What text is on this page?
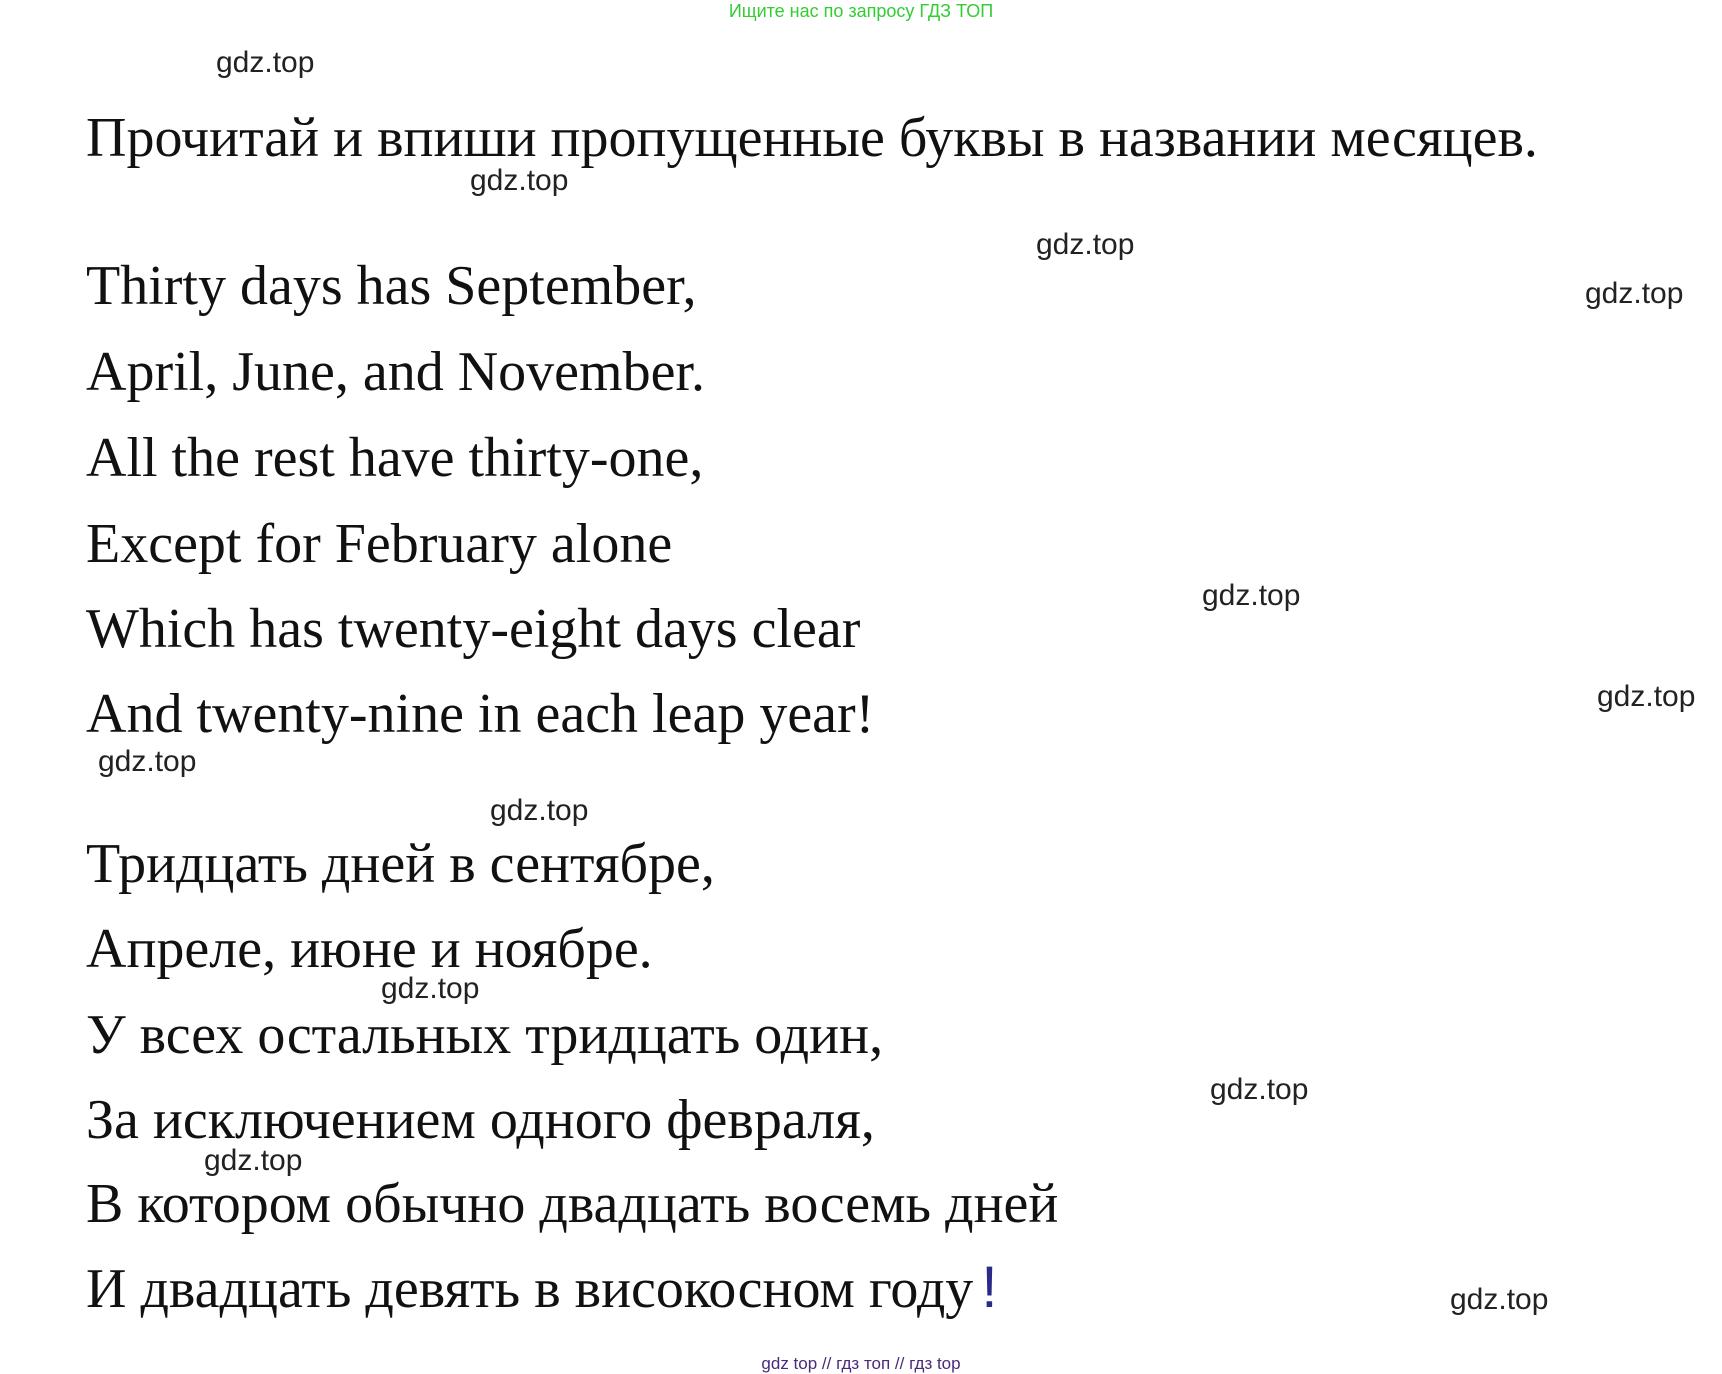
Ищите нас по запросу ГДЗ ТОП
Прочитай и впиши пропущенные буквы в названии месяцев.
Thirty days has September,
April, June, and November.
All the rest have thirty-one,
Except for February alone
Which has twenty-eight days clear
And twenty-nine in each leap year!
Тридцать дней в сентябре,
Апреле, июне и ноябре.
У всех остальных тридцать один,
За исключением одного февраля,
В котором обычно двадцать восемь дней
И двадцать девять в високосном году !
gdz.top
gdz.top
gdz.top
gdz.top
gdz.top
gdz.top
gdz.top
gdz.top
gdz.top
gdz.top
gdz.top
gdz.top
gdz top // гдз топ // гдз top
